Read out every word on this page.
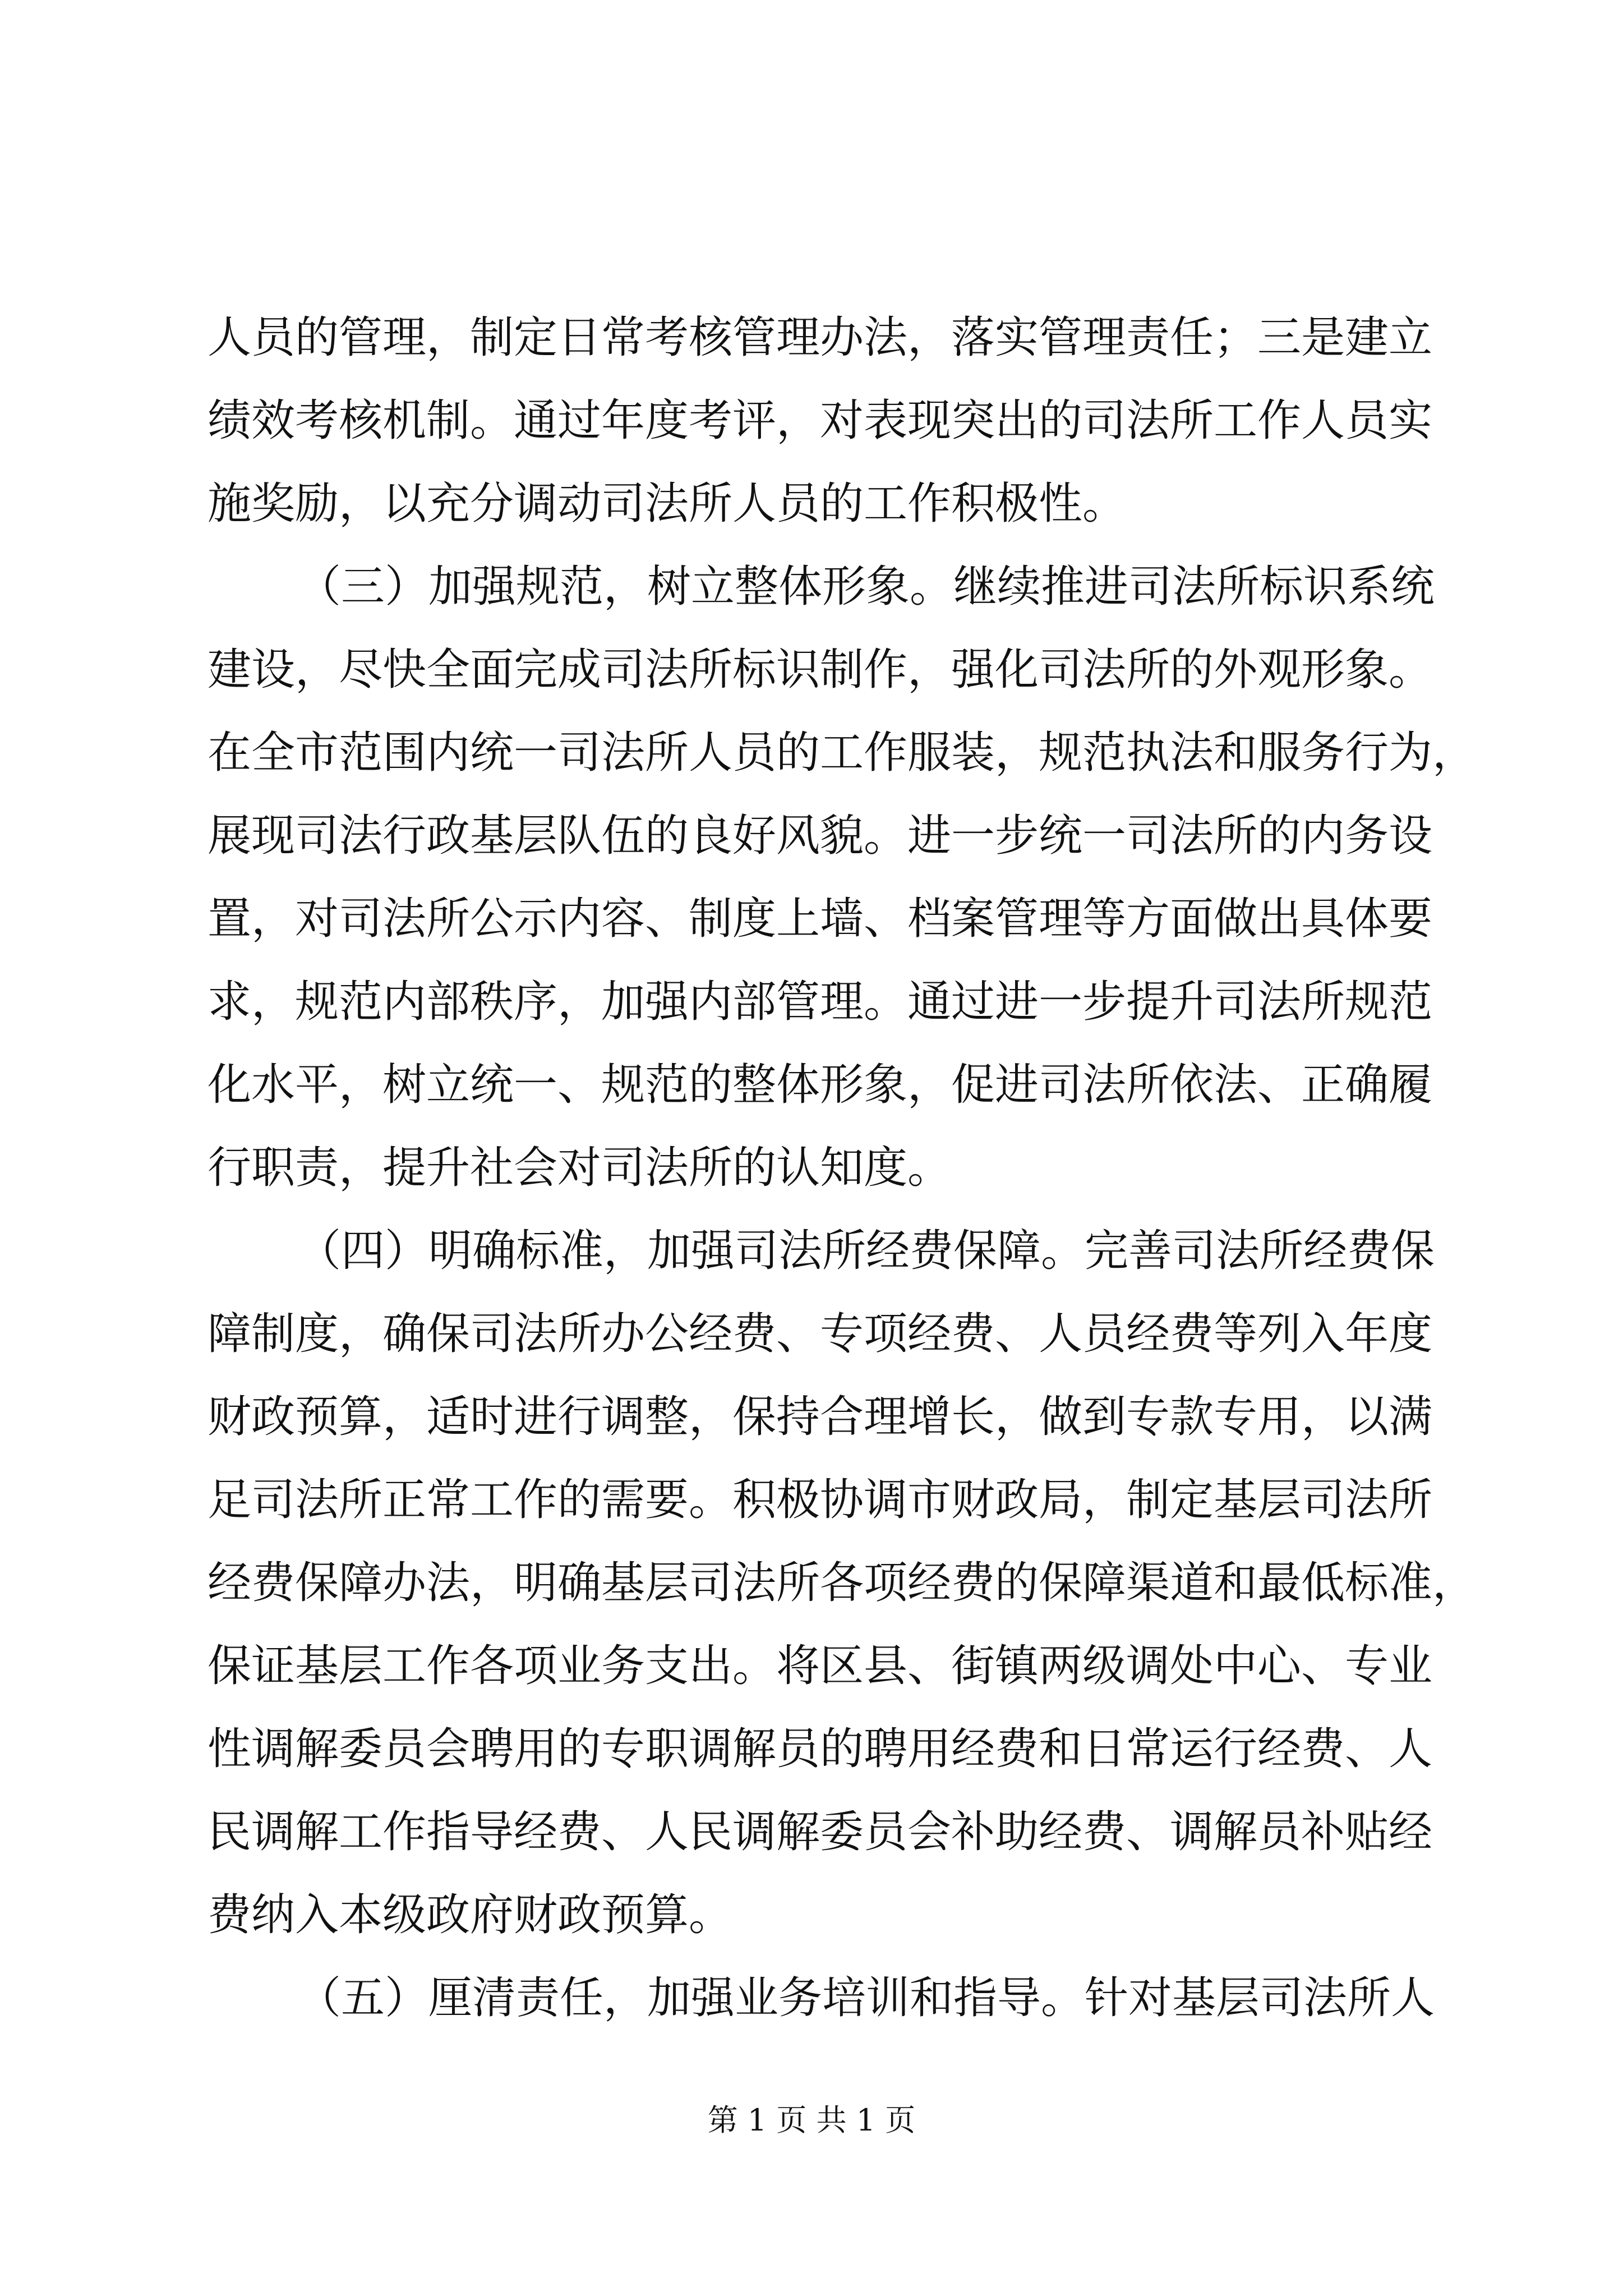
人员的管理，制定日常考核管理办法，落实管理责任；三是建立
绩效考核机制。通过年度考评，对表现突出的司法所工作人员实
施奖励，以充分调动司法所人员的工作积极性。
（三）加强规范，树立整体形象。继续推进司法所标识系统
建设，尽快全面完成司法所标识制作，强化司法所的外观形象。
在全市范围内统一司法所人员的工作服装，规范执法和服务行为，
展现司法行政基层队伍的良好风貌。进一步统一司法所的内务设
置，对司法所公示内容、制度上墙、档案管理等方面做出具体要
求，规范内部秩序，加强内部管理。通过进一步提升司法所规范
化水平，树立统一、规范的整体形象，促进司法所依法、正确履
行职责，提升社会对司法所的认知度。
（四）明确标准，加强司法所经费保障。完善司法所经费保
障制度，确保司法所办公经费、专项经费、人员经费等列入年度
财政预算，适时进行调整，保持合理增长，做到专款专用，以满
足司法所正常工作的需要。积极协调市财政局，制定基层司法所
经费保障办法，明确基层司法所各项经费的保障渠道和最低标准，
保证基层工作各项业务支出。将区县、街镇两级调处中心、专业
性调解委员会聘用的专职调解员的聘用经费和日常运行经费、人
民调解工作指导经费、人民调解委员会补助经费、调解员补贴经
费纳入本级政府财政预算。
（五）厘清责任，加强业务培训和指导。针对基层司法所人
第 1 页 共 1 页
